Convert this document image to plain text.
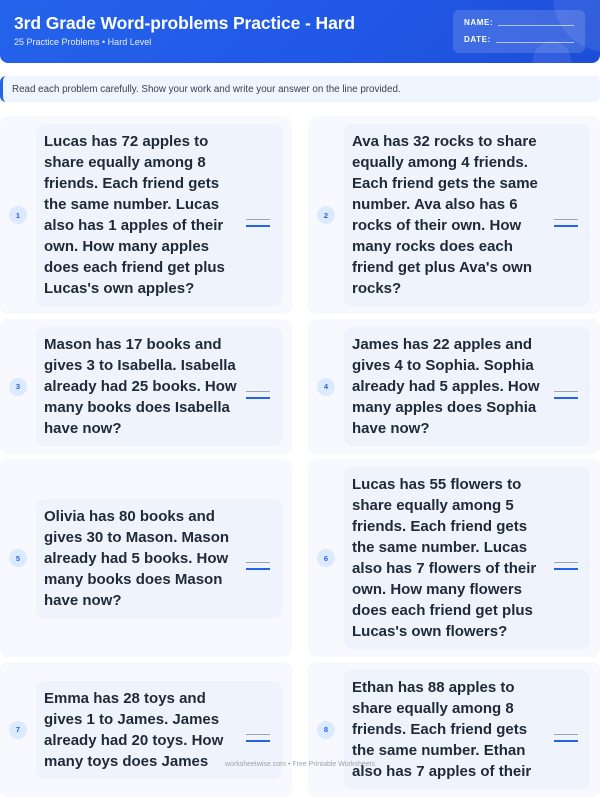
3rd Grade Word-problems Practice - Hard
25 Practice Problems • Hard Level
NAME:
DATE:
Read each problem carefully. Show your work and write your answer on the line provided.
1
Lucas has 72 apples to share equally among 8 friends. Each friend gets the same number. Lucas also has 1 apples of their own. How many apples does each friend get plus Lucas's own apples?
2
Ava has 32 rocks to share equally among 4 friends. Each friend gets the same number. Ava also has 6 rocks of their own. How many rocks does each friend get plus Ava's own rocks?
3
Mason has 17 books and gives 3 to Isabella. Isabella already had 25 books. How many books does Isabella have now?
4
James has 22 apples and gives 4 to Sophia. Sophia already had 5 apples. How many apples does Sophia have now?
5
Olivia has 80 books and gives 30 to Mason. Mason already had 5 books. How many books does Mason have now?
6
Lucas has 55 flowers to share equally among 5 friends. Each friend gets the same number. Lucas also has 7 flowers of their own. How many flowers does each friend get plus Lucas's own flowers?
7
Emma has 28 toys and gives 1 to James. James already had 20 toys. How many toys does James
8
Ethan has 88 apples to share equally among 8 friends. Each friend gets the same number. Ethan also has 7 apples of their
worksheetwise.com • Free Printable Worksheets
